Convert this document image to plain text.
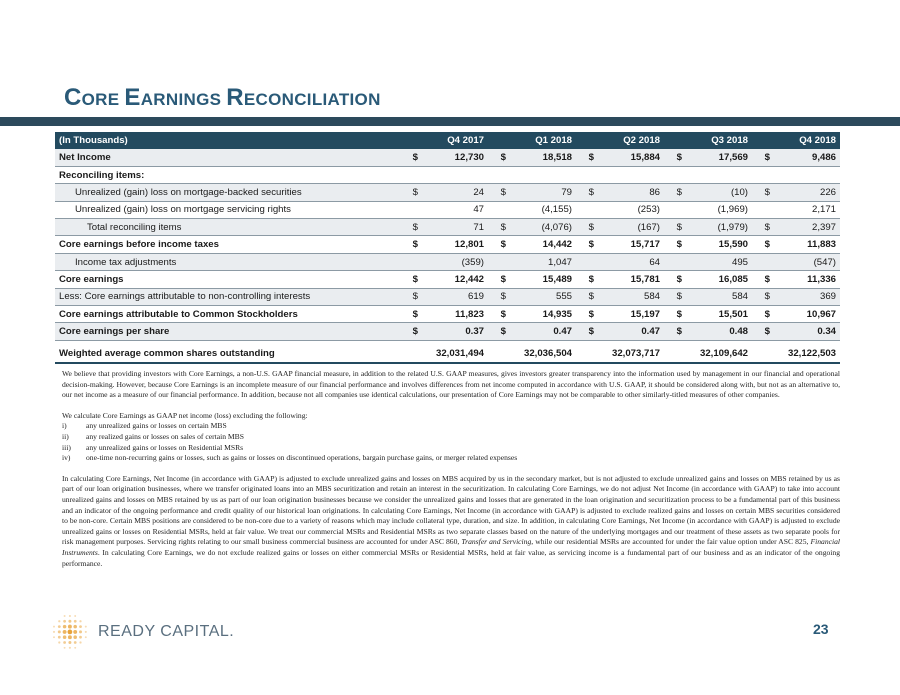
CORE EARNINGS RECONCILIATION
(In Thousands)	Q4 2017		Q1 2018		Q2 2018		Q3 2018		Q4 2018	
Net Income	$	12,730	$	18,518	$	15,884	$	17,569	$	9,486
Reconciling items:										
Unrealized (gain) loss on mortgage-backed securities	$	24	$	79	$	86	$	(10)	$	226
Unrealized (gain) loss on mortgage servicing rights		47		(4,155)		(253)		(1,969)		2,171
Total reconciling items	$	71	$	(4,076)	$	(167)	$	(1,979)	$	2,397
Core earnings before income taxes	$	12,801	$	14,442	$	15,717	$	15,590	$	11,883
Income tax adjustments		(359)		1,047		64		495		(547)
Core earnings	$	12,442	$	15,489	$	15,781	$	16,085	$	11,336
Less: Core earnings attributable to non-controlling interests	$	619	$	555	$	584	$	584	$	369
Core earnings attributable to Common Stockholders	$	11,823	$	14,935	$	15,197	$	15,501	$	10,967
Core earnings per share	$	0.37	$	0.47	$	0.47	$	0.48	$	0.34

Weighted average common shares outstanding		32,031,494		32,036,504		32,073,717		32,109,642		32,122,503

We believe that providing investors with Core Earnings, a non-U.S. GAAP financial measure, in addition to the related U.S. GAAP measures, gives investors greater transparency into the information used by management in our financial and operational decision-making. However, because Core Earnings is an incomplete measure of our financial performance and involves differences from net income computed in accordance with U.S. GAAP, it should be considered along with, but not as an alternative to, our net income as a measure of our financial performance. In addition, because not all companies use identical calculations, our presentation of Core Earnings may not be comparable to other similarly-titled measures of other companies.

We calculate Core Earnings as GAAP net income (loss) excluding the following:
i)	any unrealized gains or losses on certain MBS
ii)	any realized gains or losses on sales of certain MBS
iii)	any unrealized gains or losses on Residential MSRs
iv)	one-time non-recurring gains or losses, such as gains or losses on discontinued operations, bargain purchase gains, or merger related expenses

In calculating Core Earnings, Net Income (in accordance with GAAP) is adjusted to exclude unrealized gains and losses on MBS acquired by us in the secondary market, but is not adjusted to exclude unrealized gains and losses on MBS retained by us as part of our loan origination businesses, where we transfer originated loans into an MBS securitization and retain an interest in the securitization. In calculating Core Earnings, we do not adjust Net Income (in accordance with GAAP) to take into account unrealized gains and losses on MBS retained by us as part of our loan origination businesses because we consider the unrealized gains and losses that are generated in the loan origination and securitization process to be a fundamental part of this business and an indicator of the ongoing performance and credit quality of our historical loan originations. In calculating Core Earnings, Net Income (in accordance with GAAP) is adjusted to exclude realized gains and losses on certain MBS securities considered to be non-core. Certain MBS positions are considered to be non-core due to a variety of reasons which may include collateral type, duration, and size. In addition, in calculating Core Earnings, Net Income (in accordance with GAAP) is adjusted to exclude unrealized gains or losses on Residential MSRs, held at fair value. We treat our commercial MSRs and Residential MSRs as two separate classes based on the nature of the underlying mortgages and our treatment of these assets as two separate pools for risk management purposes. Servicing rights relating to our small business commercial business are accounted for under ASC 860, Transfer and Servicing, while our residential MSRs are accounted for under the fair value option under ASC 825, Financial Instruments. In calculating Core Earnings, we do not exclude realized gains or losses on either commercial MSRs or Residential MSRs, held at fair value, as servicing income is a fundamental part of our business and as an indicator of the ongoing performance.

READY CAPITAL.	23
